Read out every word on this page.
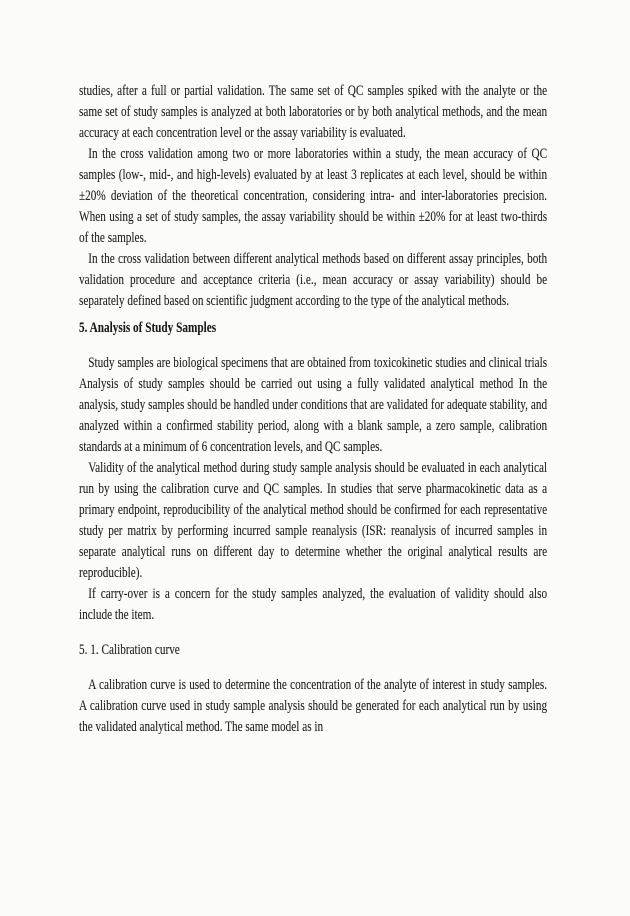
studies, after a full or partial validation. The same set of QC samples spiked with the analyte or the same set of study samples is analyzed at both laboratories or by both analytical methods, and the mean accuracy at each concentration level or the assay variability is evaluated.

In the cross validation among two or more laboratories within a study, the mean accuracy of QC samples (low-, mid-, and high-levels) evaluated by at least 3 replicates at each level, should be within ±20% deviation of the theoretical concentration, considering intra- and inter-laboratories precision. When using a set of study samples, the assay variability should be within ±20% for at least two-thirds of the samples.

In the cross validation between different analytical methods based on different assay principles, both validation procedure and acceptance criteria (i.e., mean accuracy or assay variability) should be separately defined based on scientific judgment according to the type of the analytical methods.

5. Analysis of Study Samples

Study samples are biological specimens that are obtained from toxicokinetic studies and clinical trials Analysis of study samples should be carried out using a fully validated analytical method In the analysis, study samples should be handled under conditions that are validated for adequate stability, and analyzed within a confirmed stability period, along with a blank sample, a zero sample, calibration standards at a minimum of 6 concentration levels, and QC samples.

Validity of the analytical method during study sample analysis should be evaluated in each analytical run by using the calibration curve and QC samples. In studies that serve pharmacokinetic data as a primary endpoint, reproducibility of the analytical method should be confirmed for each representative study per matrix by performing incurred sample reanalysis (ISR: reanalysis of incurred samples in separate analytical runs on different day to determine whether the original analytical results are reproducible).

If carry-over is a concern for the study samples analyzed, the evaluation of validity should also include the item.

5. 1. Calibration curve

A calibration curve is used to determine the concentration of the analyte of interest in study samples. A calibration curve used in study sample analysis should be generated for each analytical run by using the validated analytical method. The same model as in
